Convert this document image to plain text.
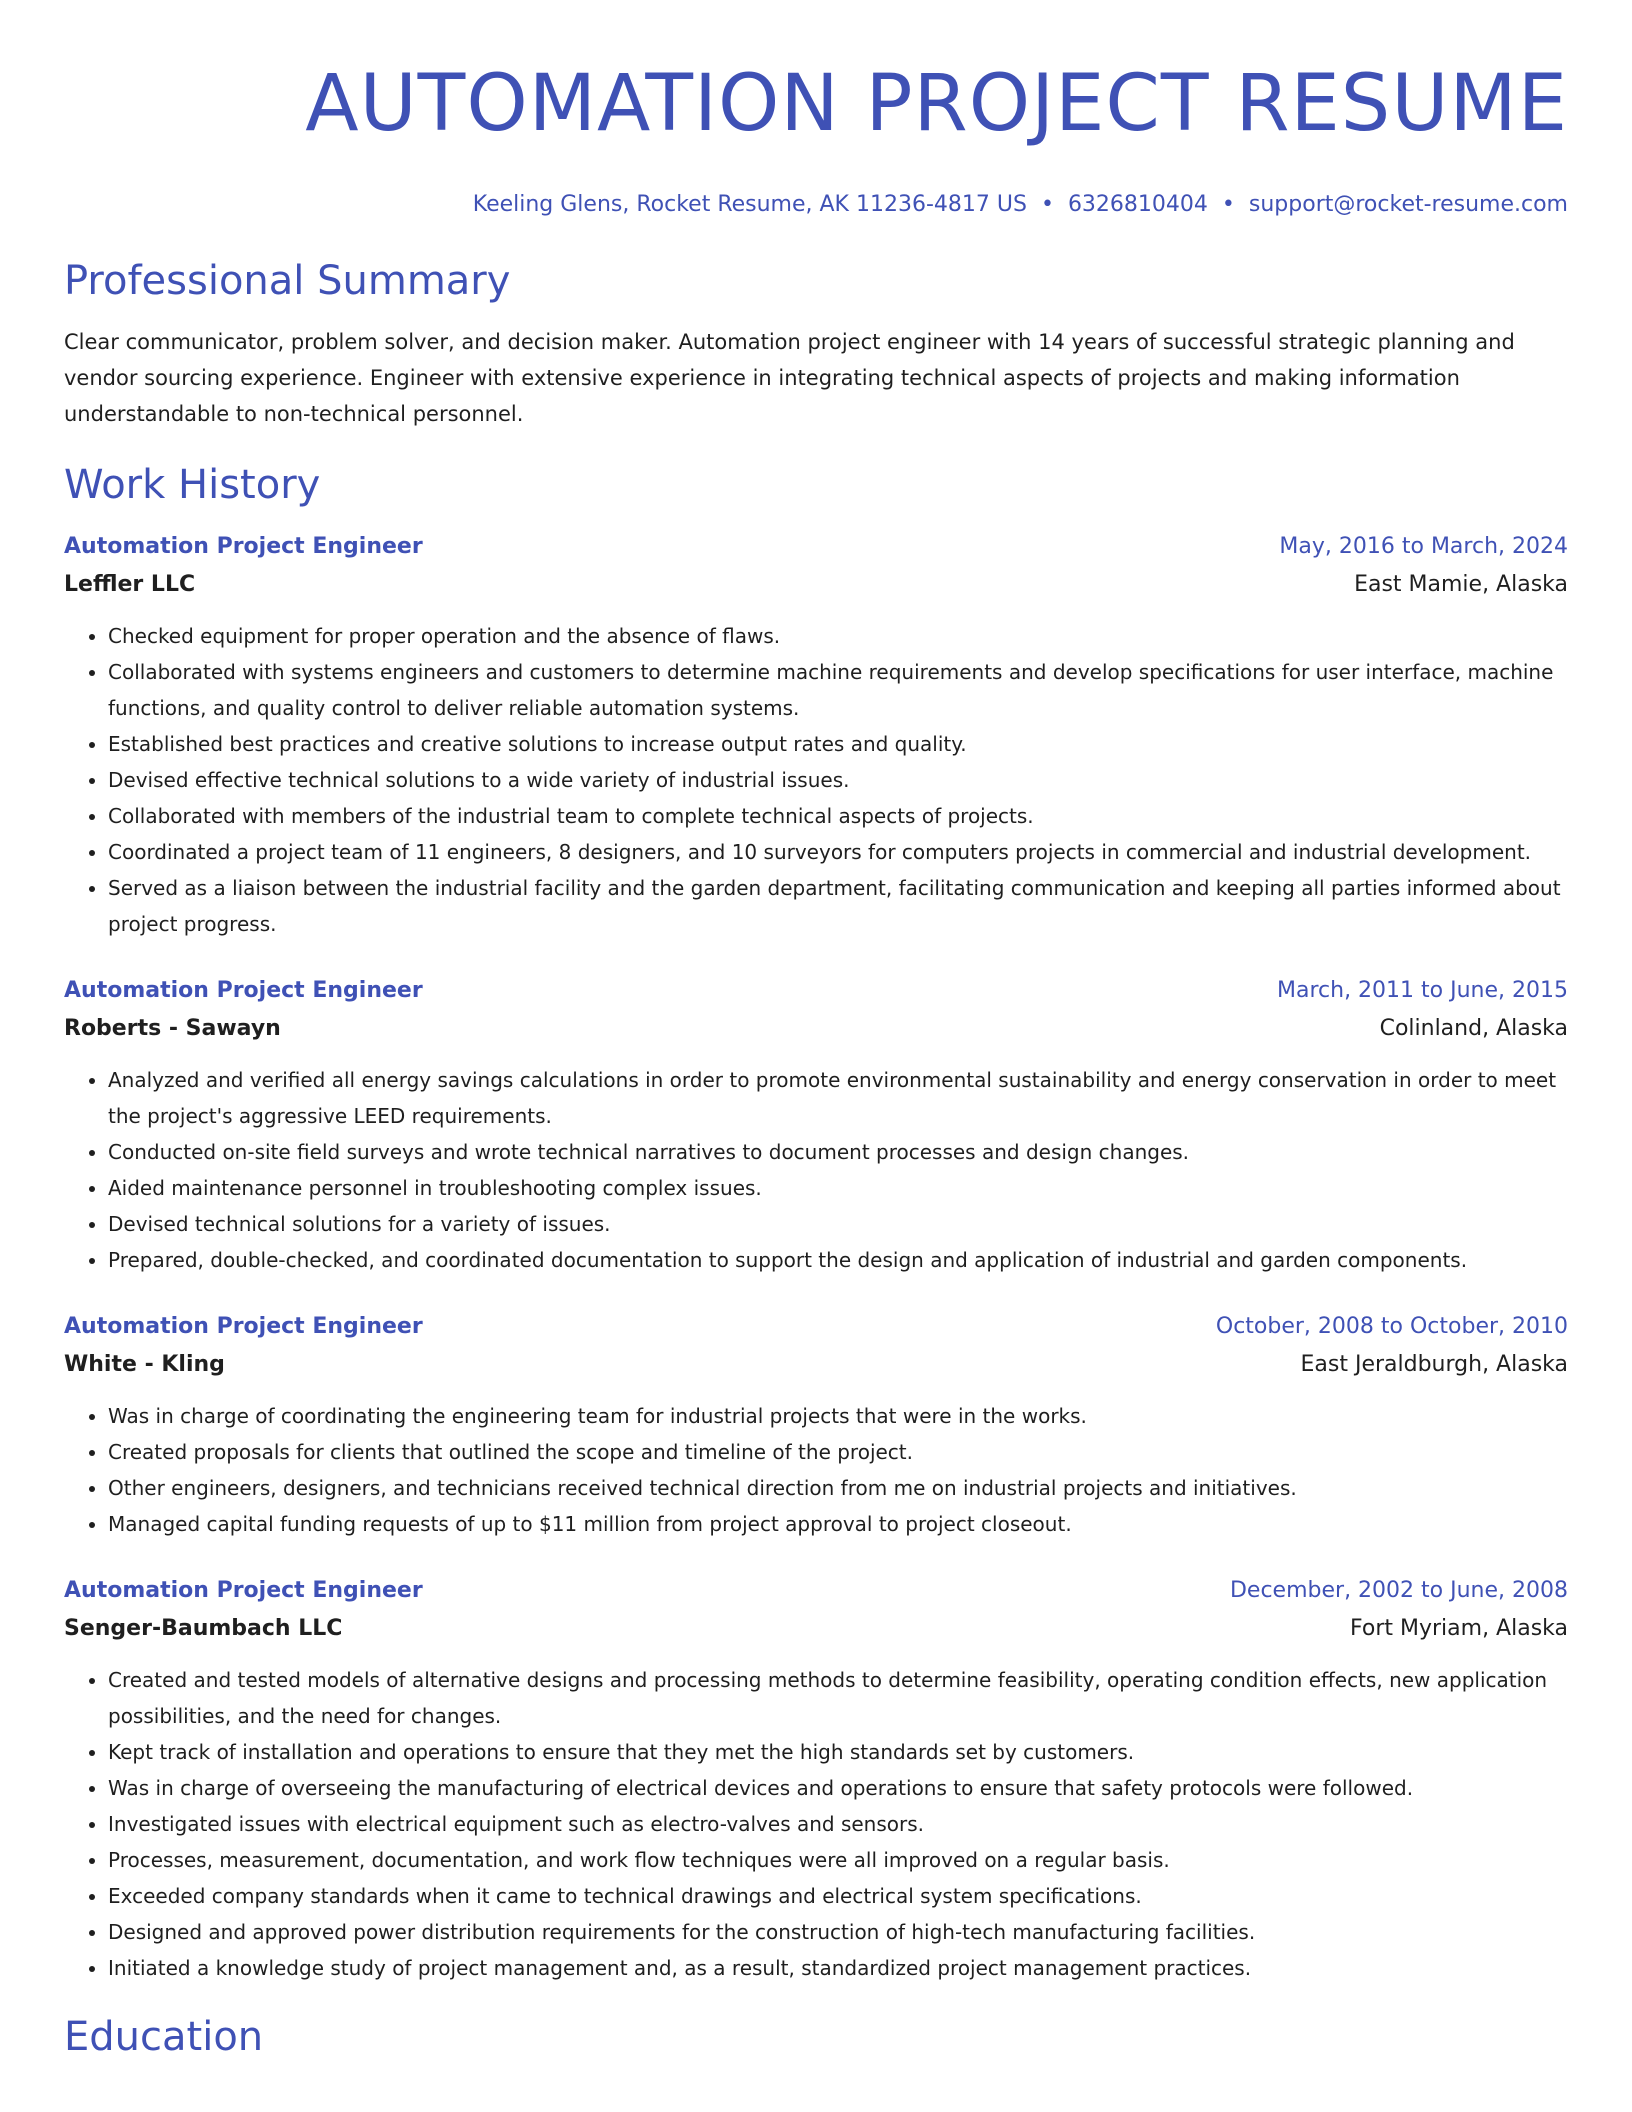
AUTOMATION PROJECT RESUME
Keeling Glens, Rocket Resume, AK 11236-4817 US • 6326810404 • support@rocket-resume.com
Professional Summary
Clear communicator, problem solver, and decision maker. Automation project engineer with 14 years of successful strategic planning and vendor sourcing experience. Engineer with extensive experience in integrating technical aspects of projects and making information understandable to non-technical personnel.
Work History
Automation Project Engineer	May, 2016 to March, 2024
Leffler LLC	East Mamie, Alaska
• Checked equipment for proper operation and the absence of flaws.
• Collaborated with systems engineers and customers to determine machine requirements and develop specifications for user interface, machine functions, and quality control to deliver reliable automation systems.
• Established best practices and creative solutions to increase output rates and quality.
• Devised effective technical solutions to a wide variety of industrial issues.
• Collaborated with members of the industrial team to complete technical aspects of projects.
• Coordinated a project team of 11 engineers, 8 designers, and 10 surveyors for computers projects in commercial and industrial development.
• Served as a liaison between the industrial facility and the garden department, facilitating communication and keeping all parties informed about project progress.
Automation Project Engineer	March, 2011 to June, 2015
Roberts - Sawayn	Colinland, Alaska
• Analyzed and verified all energy savings calculations in order to promote environmental sustainability and energy conservation in order to meet the project's aggressive LEED requirements.
• Conducted on-site field surveys and wrote technical narratives to document processes and design changes.
• Aided maintenance personnel in troubleshooting complex issues.
• Devised technical solutions for a variety of issues.
• Prepared, double-checked, and coordinated documentation to support the design and application of industrial and garden components.
Automation Project Engineer	October, 2008 to October, 2010
White - Kling	East Jeraldburgh, Alaska
• Was in charge of coordinating the engineering team for industrial projects that were in the works.
• Created proposals for clients that outlined the scope and timeline of the project.
• Other engineers, designers, and technicians received technical direction from me on industrial projects and initiatives.
• Managed capital funding requests of up to $11 million from project approval to project closeout.
Automation Project Engineer	December, 2002 to June, 2008
Senger-Baumbach LLC	Fort Myriam, Alaska
• Created and tested models of alternative designs and processing methods to determine feasibility, operating condition effects, new application possibilities, and the need for changes.
• Kept track of installation and operations to ensure that they met the high standards set by customers.
• Was in charge of overseeing the manufacturing of electrical devices and operations to ensure that safety protocols were followed.
• Investigated issues with electrical equipment such as electro-valves and sensors.
• Processes, measurement, documentation, and work flow techniques were all improved on a regular basis.
• Exceeded company standards when it came to technical drawings and electrical system specifications.
• Designed and approved power distribution requirements for the construction of high-tech manufacturing facilities.
• Initiated a knowledge study of project management and, as a result, standardized project management practices.
Education
